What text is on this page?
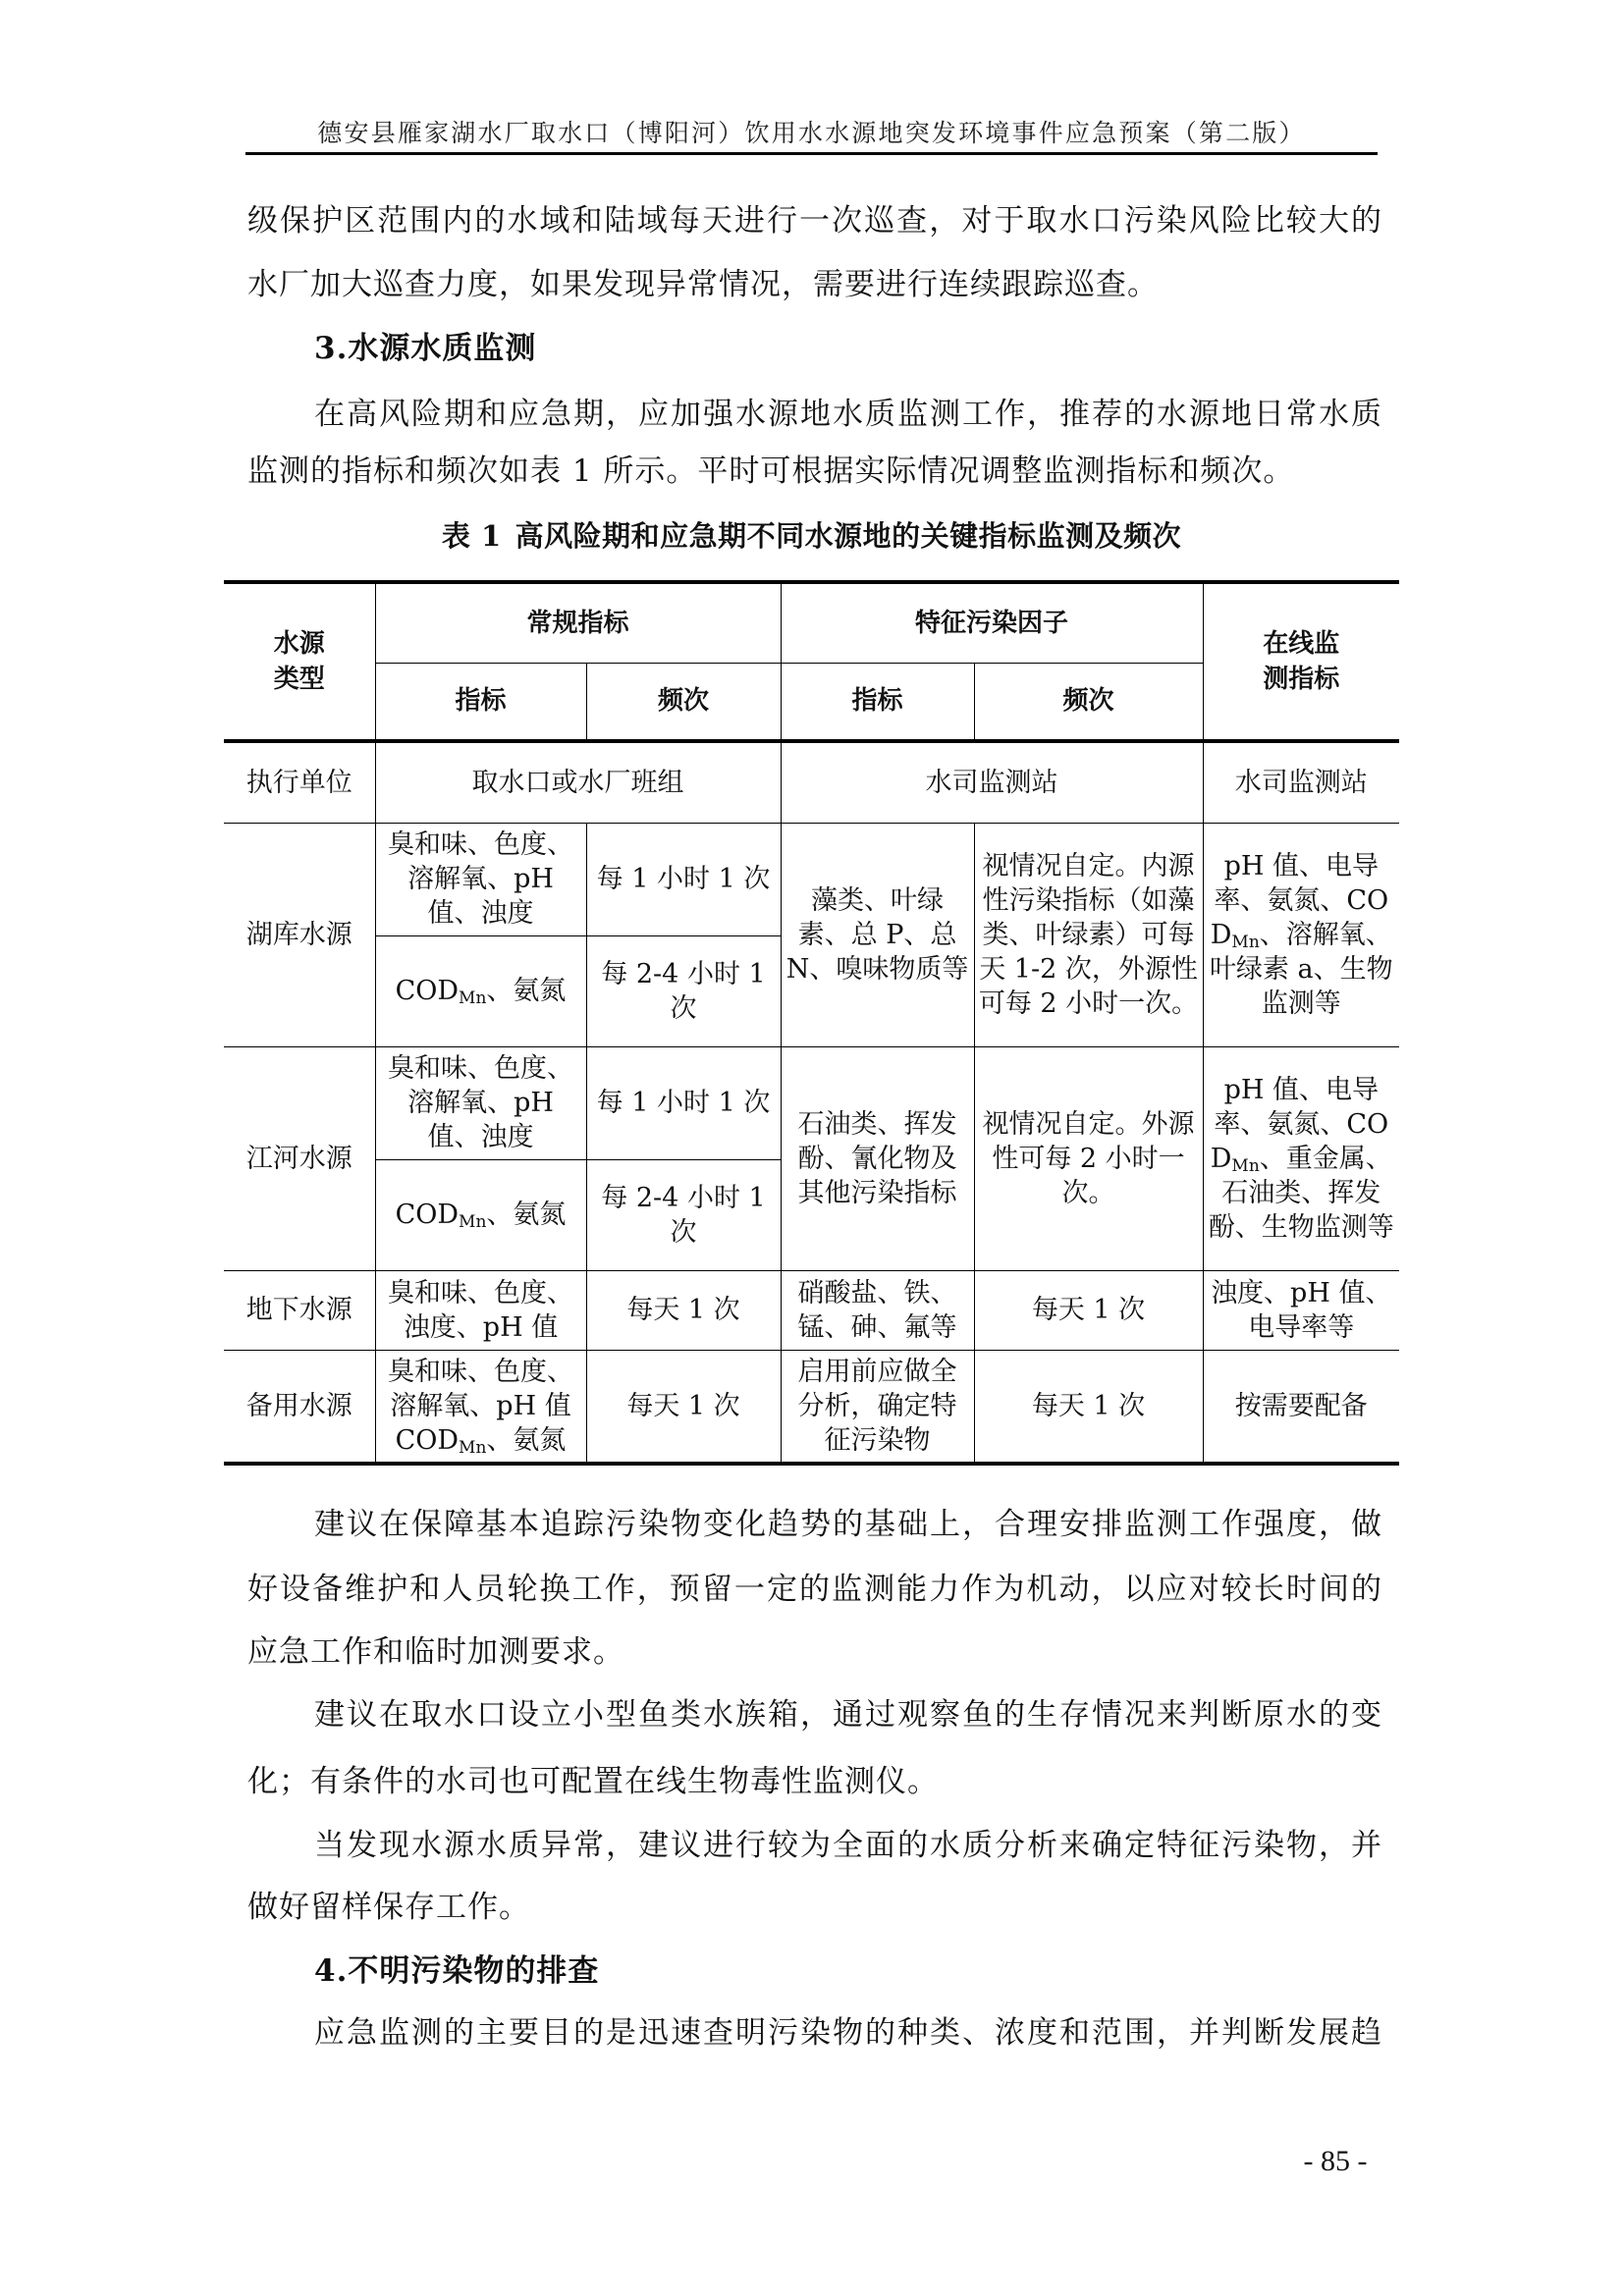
德安县雁家湖水厂取水口（博阳河）饮用水水源地突发环境事件应急预案（第二版）
级保护区范围内的水域和陆域每天进行一次巡查，对于取水口污染风险比较大的
水厂加大巡查力度，如果发现异常情况，需要进行连续跟踪巡查。
3.水源水质监测
在高风险期和应急期，应加强水源地水质监测工作，推荐的水源地日常水质
监测的指标和频次如表 1 所示。平时可根据实际情况调整监测指标和频次。
表 1 高风险期和应急期不同水源地的关键指标监测及频次
水源类型	常规指标		特征污染因子		在线监测指标

	指标	频次	指标	频次	
执行单位	取水口或水厂班组		水司监测站		水司监测站
湖库水源	臭和味、色度、溶解氧、pH 值、浊度	每 1 小时 1 次	藻类、叶绿素、总 P、总 N、嗅味物质等	视情况自定。内源性污染指标（如藻类、叶绿素）可每天 1-2 次，外源性可每 2 小时一次。	pH 值、电导率、氨氮、$COD_{Mn}$、溶解氧、叶绿素 a、生物监测等
	$COD_{Mn}$、氨氮	每 2-4 小时 1 次			
江河水源	臭和味、色度、溶解氧、pH 值、浊度	每 1 小时 1 次	石油类、挥发酚、氰化物及其他污染指标	视情况自定。外源性可每 2 小时一次。	pH 值、电导率、氨氮、$COD_{Mn}$、重金属、石油类、挥发酚、生物监测等
	$COD_{Mn}$、氨氮	每 2-4 小时 1 次			
地下水源	臭和味、色度、浊度、pH 值	每天 1 次	硝酸盐、铁、锰、砷、氟等	每天 1 次	浊度、pH 值、电导率等
备用水源	臭和味、色度、溶解氧、pH 值 $COD_{Mn}$、氨氮	每天 1 次	启用前应做全分析，确定特征污染物	每天 1 次	按需要配备
建议在保障基本追踪污染物变化趋势的基础上，合理安排监测工作强度，做
好设备维护和人员轮换工作，预留一定的监测能力作为机动，以应对较长时间的
应急工作和临时加测要求。
建议在取水口设立小型鱼类水族箱，通过观察鱼的生存情况来判断原水的变
化；有条件的水司也可配置在线生物毒性监测仪。
当发现水源水质异常，建议进行较为全面的水质分析来确定特征污染物，并
做好留样保存工作。
4.不明污染物的排查
应急监测的主要目的是迅速查明污染物的种类、浓度和范围，并判断发展趋
- 85 -
